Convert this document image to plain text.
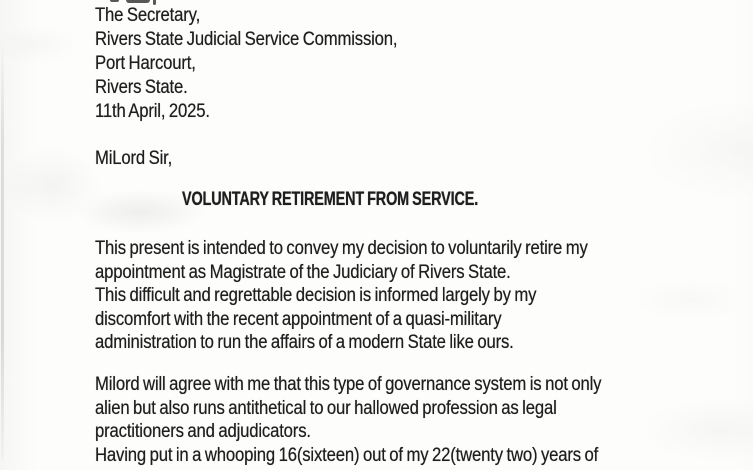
The Secretary,
Rivers State Judicial Service Commission,
Port Harcourt,
Rivers State.
11th April, 2025.
MiLord Sir,
VOLUNTARY RETIREMENT FROM SERVICE.
This present is intended to convey my decision to voluntarily retire my
appointment as Magistrate of the Judiciary of Rivers State.
This difficult and regrettable decision is informed largely by my
discomfort with the recent appointment of a quasi-military
administration to run the affairs of a modern State like ours.
Milord will agree with me that this type of governance system is not only
alien but also runs antithetical to our hallowed profession as legal
practitioners and adjudicators.
Having put in a whooping 16(sixteen) out of my 22(twenty two) years of
